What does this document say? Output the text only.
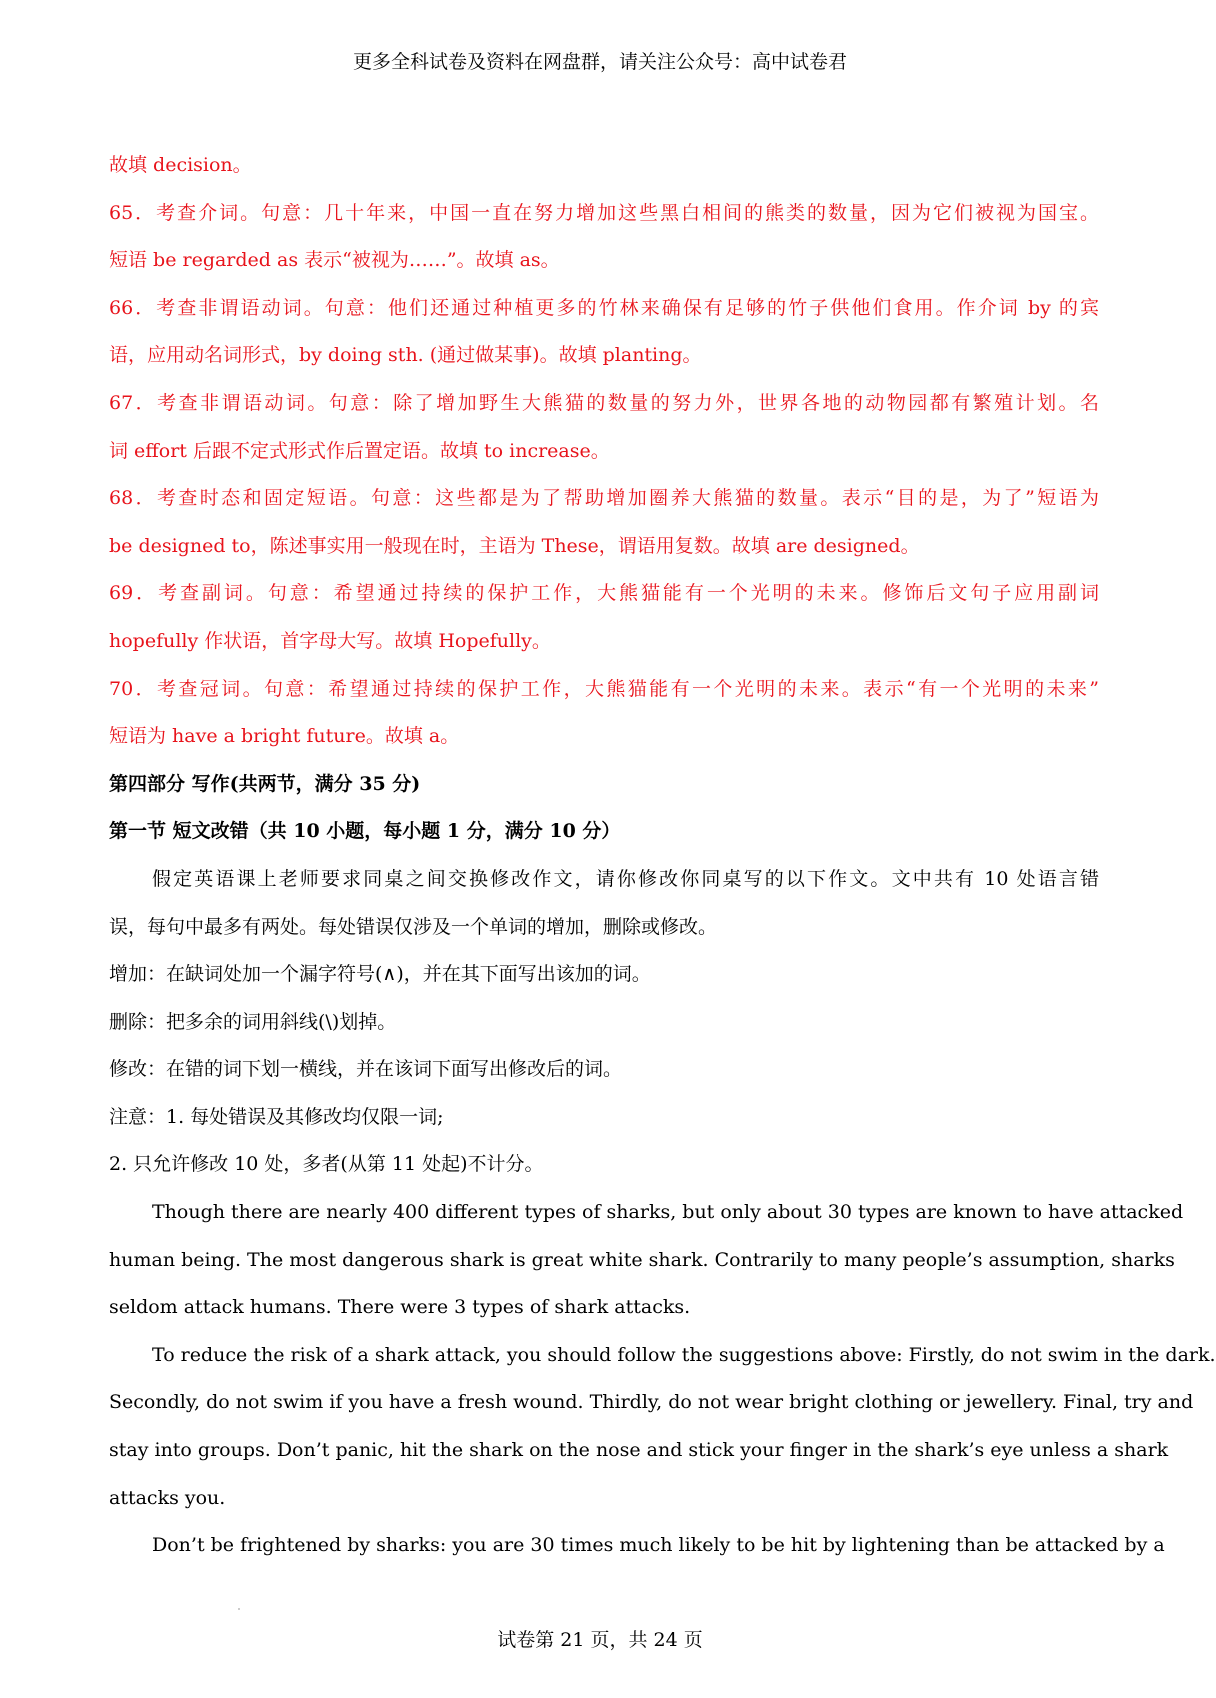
更多全科试卷及资料在网盘群，请关注公众号：高中试卷君
故填 decision。
65．考查介词。句意：几十年来，中国一直在努力增加这些黑白相间的熊类的数量，因为它们被视为国宝。
短语 be regarded as 表示“被视为……”。故填 as。
66．考查非谓语动词。句意：他们还通过种植更多的竹林来确保有足够的竹子供他们食用。作介词 by 的宾
语，应用动名词形式，by doing sth. (通过做某事)。故填 planting。
67．考查非谓语动词。句意：除了增加野生大熊猫的数量的努力外，世界各地的动物园都有繁殖计划。名
词 effort 后跟不定式形式作后置定语。故填 to increase。
68．考查时态和固定短语。句意：这些都是为了帮助增加圈养大熊猫的数量。表示“目的是，为了”短语为
be designed to，陈述事实用一般现在时，主语为 These，谓语用复数。故填 are designed。
69．考查副词。句意：希望通过持续的保护工作，大熊猫能有一个光明的未来。修饰后文句子应用副词
hopefully 作状语，首字母大写。故填 Hopefully。
70．考查冠词。句意：希望通过持续的保护工作，大熊猫能有一个光明的未来。表示“有一个光明的未来”
短语为 have a bright future。故填 a。
第四部分 写作(共两节，满分 35 分)
第一节 短文改错（共 10 小题，每小题 1 分，满分 10 分）
假定英语课上老师要求同桌之间交换修改作文，请你修改你同桌写的以下作文。文中共有 10 处语言错
误，每句中最多有两处。每处错误仅涉及一个单词的增加，删除或修改。
增加：在缺词处加一个漏字符号(∧)，并在其下面写出该加的词。
删除：把多余的词用斜线(\)划掉。
修改：在错的词下划一横线，并在该词下面写出修改后的词。
注意：1. 每处错误及其修改均仅限一词;
2. 只允许修改 10 处，多者(从第 11 处起)不计分。
Though there are nearly 400 different types of sharks, but only about 30 types are known to have attacked
human being. The most dangerous shark is great white shark. Contrarily to many people’s assumption, sharks
seldom attack humans. There were 3 types of shark attacks.
To reduce the risk of a shark attack, you should follow the suggestions above: Firstly, do not swim in the dark.
Secondly, do not swim if you have a fresh wound. Thirdly, do not wear bright clothing or jewellery. Final, try and
stay into groups. Don’t panic, hit the shark on the nose and stick your finger in the shark’s eye unless a shark
attacks you.
Don’t be frightened by sharks: you are 30 times much likely to be hit by lightening than be attacked by a
试卷第 21 页，共 24 页
